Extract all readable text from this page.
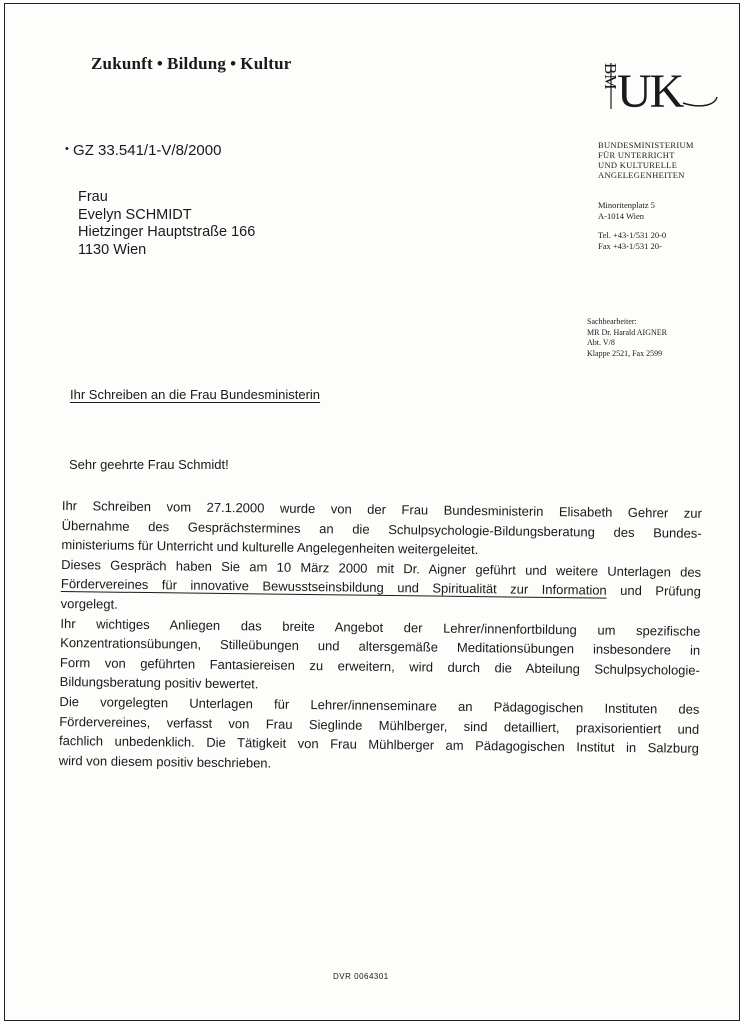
Zukunft • Bildung • Kultur	BM
UK
• GZ 33.541/1-V/8/2000	BUNDESMINISTERIUM
FÜR UNTERRICHT
UND KULTURELLE
ANGELEGENHEITEN
Minoritenplatz 5
A-1014 Wien
Tel. +43-1/531 20-0
Fax +43-1/531 20-
Sachbearbeiter:
MR Dr. Harald AIGNER
Abt. V/8
Klappe 2521, Fax 2599
Frau
Evelyn SCHMIDT
Hietzinger Hauptstraße 166
1130 Wien
Ihr Schreiben an die Frau Bundesministerin
Sehr geehrte Frau Schmidt!

Ihr Schreiben vom 27.1.2000 wurde von der Frau Bundesministerin Elisabeth Gehrer zur
Übernahme des Gesprächstermines an die Schulpsychologie-Bildungsberatung des Bundes-
ministeriums für Unterricht und kulturelle Angelegenheiten weitergeleitet.

Dieses Gespräch haben Sie am 10 März 2000 mit Dr. Aigner geführt und weitere Unterlagen des
Fördervereines für innovative Bewusstseinsbildung und Spiritualität zur Information und Prüfung
vorgelegt.

Ihr wichtiges Anliegen das breite Angebot der Lehrer/innenfortbildung um spezifische
Konzentrationsübungen, Stilleübungen und altersgemäße Meditationsübungen insbesondere in
Form von geführten Fantasiereisen zu erweitern, wird durch die Abteilung Schulpsychologie-
Bildungsberatung positiv bewertet.

Die vorgelegten Unterlagen für Lehrer/innenseminare an Pädagogischen Instituten des
Fördervereines, verfasst von Frau Sieglinde Mühlberger, sind detailliert, praxisorientiert und
fachlich unbedenklich. Die Tätigkeit von Frau Mühlberger am Pädagogischen Institut in Salzburg
wird von diesem positiv beschrieben.

DVR 0064301
